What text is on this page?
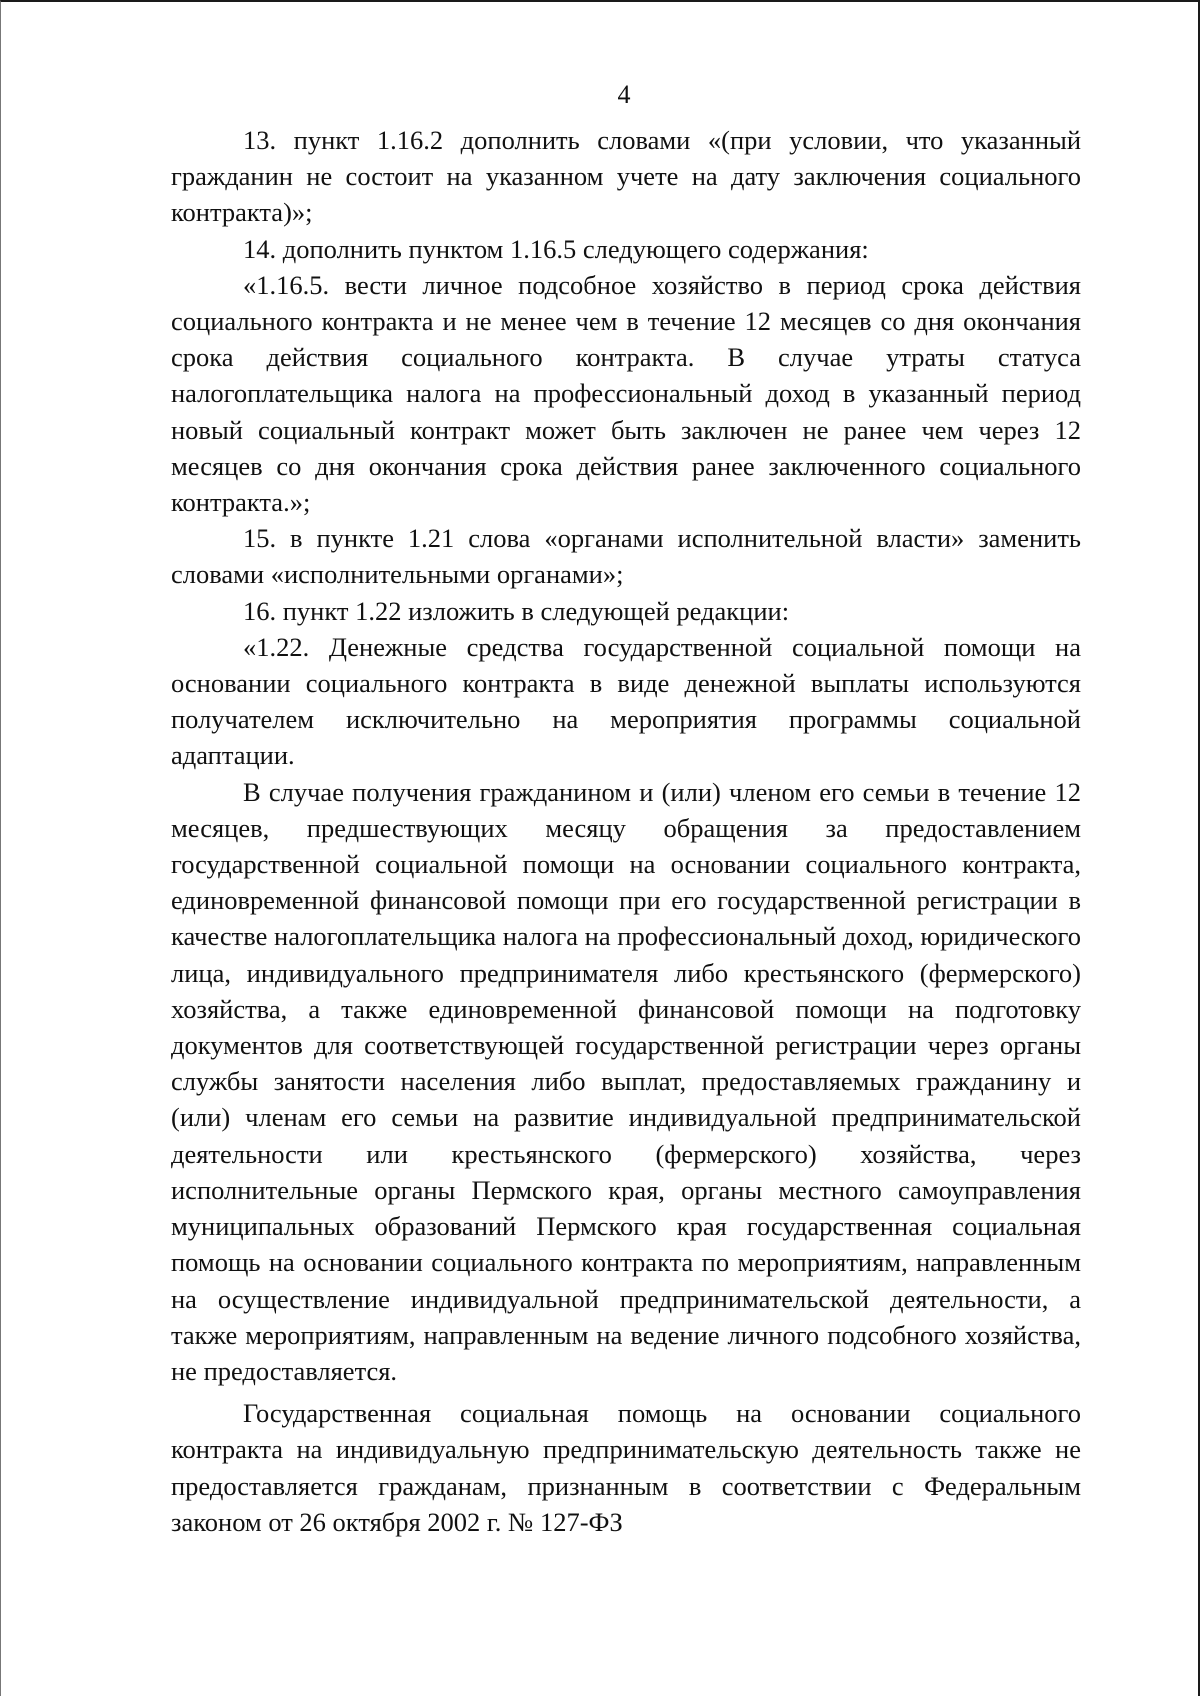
4

13. пункт 1.16.2 дополнить словами «(при условии, что указанный гражданин не состоит на указанном учете на дату заключения социального контракта)»;

14. дополнить пунктом 1.16.5 следующего содержания:

«1.16.5. вести личное подсобное хозяйство в период срока действия социального контракта и не менее чем в течение 12 месяцев со дня окончания срока действия социального контракта. В случае утраты статуса налогоплательщика налога на профессиональный доход в указанный период новый социальный контракт может быть заключен не ранее чем через 12 месяцев со дня окончания срока действия ранее заключенного социального контракта.»;

15. в пункте 1.21 слова «органами исполнительной власти» заменить словами «исполнительными органами»;

16. пункт 1.22 изложить в следующей редакции:

«1.22. Денежные средства государственной социальной помощи на основании социального контракта в виде денежной выплаты используются получателем исключительно на мероприятия программы социальной адаптации.

В случае получения гражданином и (или) членом его семьи в течение 12 месяцев, предшествующих месяцу обращения за предоставлением государственной социальной помощи на основании социального контракта, единовременной финансовой помощи при его государственной регистрации в качестве налогоплательщика налога на профессиональный доход, юридического лица, индивидуального предпринимателя либо крестьянского (фермерского) хозяйства, а также единовременной финансовой помощи на подготовку документов для соответствующей государственной регистрации через органы службы занятости населения либо выплат, предоставляемых гражданину и (или) членам его семьи на развитие индивидуальной предпринимательской деятельности или крестьянского (фермерского) хозяйства, через исполнительные органы Пермского края, органы местного самоуправления муниципальных образований Пермского края государственная социальная помощь на основании социального контракта по мероприятиям, направленным на осуществление индивидуальной предпринимательской деятельности, а также мероприятиям, направленным на ведение личного подсобного хозяйства, не предоставляется.

Государственная социальная помощь на основании социального контракта на индивидуальную предпринимательскую деятельность также не предоставляется гражданам, признанным в соответствии с Федеральным законом от 26 октября 2002 г. № 127-ФЗ
